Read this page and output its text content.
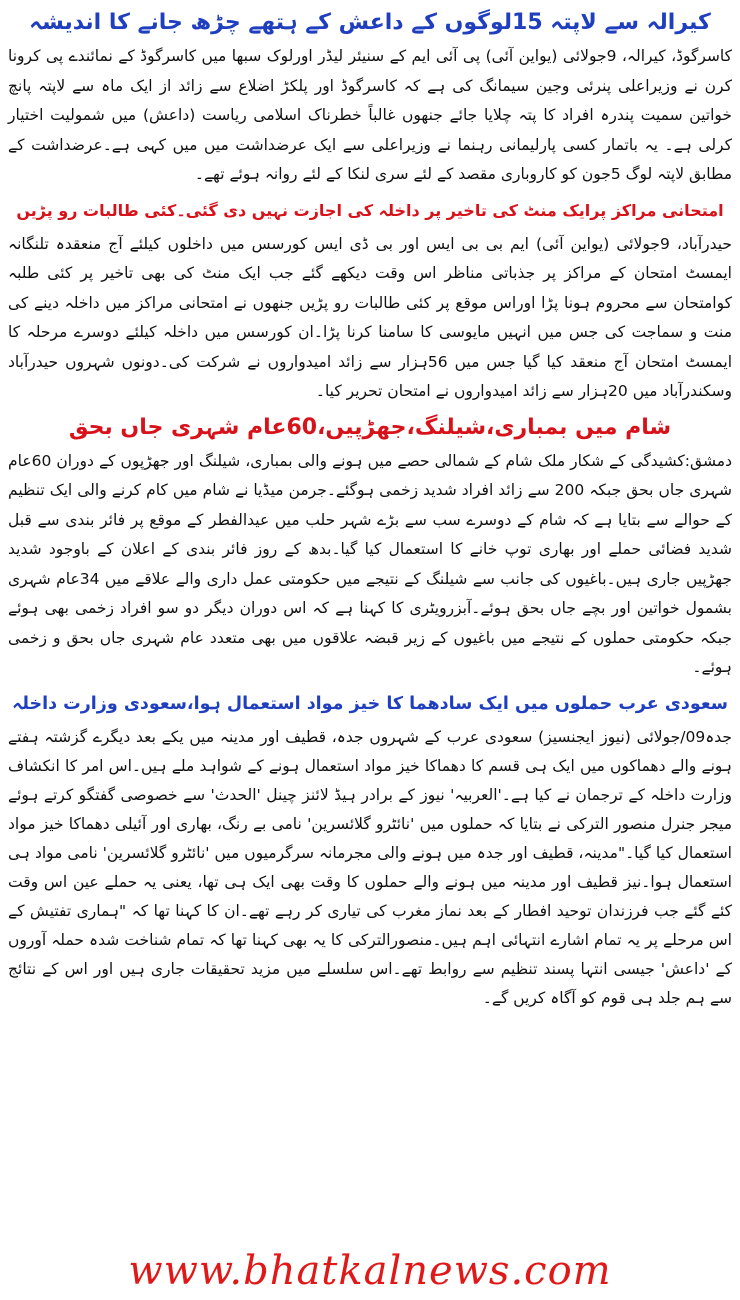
کیرالہ سے لاپتہ 15لوگوں کے داعش کے ہتھے چڑھ جانے کا اندیشہ

کاسرگوڈ، کیرالہ، 9جولائی (یواین آئی) پی آئی ایم کے سنیئر لیڈر اورلوک سبھا میں کاسرگوڈ کے نمائندے پی کرونا کرن نے وزیراعلی پنرئی وجین سیمانگ کی ہے کہ کاسرگوڈ اور پلکڑ اضلاع سے زائد از ایک ماہ سے لاپتہ پانچ خواتین سمیت پندرہ افراد کا پتہ چلایا جائے جنھوں غالباً خطرناک اسلامی ریاست (داعش) میں شمولیت اختیار کرلی ہے۔ یہ باتمار کسی پارلیمانی رہنما نے وزیراعلی سے ایک عرضداشت میں میں کہی ہے۔عرضداشت کے مطابق لاپتہ لوگ 5جون کو کاروباری مقصد کے لئے سری لنکا کے لئے روانہ ہوئے تھے۔

امتحانی مراکز پرایک منٹ کی تاخیر پر داخلہ کی اجازت نہیں دی گئی۔کئی طالبات رو پڑیں

حیدرآباد، 9جولائی (یواین آئی) ایم بی بی ایس اور بی ڈی ایس کورسس میں داخلوں کیلئے آج منعقدہ تلنگانہ ایمسٹ امتحان کے مراکز پر جذباتی مناظر اس وقت دیکھے گئے جب ایک منٹ کی بھی تاخیر پر کئی طلبہ کوامتحان سے محروم ہونا پڑا اوراس موقع پر کئی طالبات رو پڑیں جنھوں نے امتحانی مراکز میں داخلہ دینے کی منت و سماجت کی جس میں انہیں مایوسی کا سامنا کرنا پڑا۔ان کورسس میں داخلہ کیلئے دوسرے مرحلہ کا ایمسٹ امتحان آج منعقد کیا گیا جس میں 56ہزار سے زائد امیدواروں نے شرکت کی۔دونوں شہروں حیدرآباد وسکندرآباد میں 20ہزار سے زائد امیدواروں نے امتحان تحریر کیا۔

شام میں بمباری،شیلنگ،جھڑپیں،60عام شہری جاں بحق

دمشق:کشیدگی کے شکار ملک شام کے شمالی حصے میں ہونے والی بمباری، شیلنگ اور جھڑپوں کے دوران 60عام شہری جاں بحق جبکہ 200 سے زائد افراد شدید زخمی ہوگئے۔جرمن میڈیا نے شام میں کام کرنے والی ایک تنظیم کے حوالے سے بتایا ہے کہ شام کے دوسرے سب سے بڑے شہر حلب میں عیدالفطر کے موقع پر فائر بندی سے قبل شدید فضائی حملے اور بھاری توپ خانے کا استعمال کیا گیا۔بدھ کے روز فائر بندی کے اعلان کے باوجود شدید جھڑپیں جاری ہیں۔باغیوں کی جانب سے شیلنگ کے نتیجے میں حکومتی عمل داری والے علاقے میں 34عام شہری بشمول خواتین اور بچے جاں بحق ہوئے۔آبزرویٹری کا کہنا ہے کہ اس دوران دیگر دو سو افراد زخمی بھی ہوئے جبکہ حکومتی حملوں کے نتیجے میں باغیوں کے زیر قبضہ علاقوں میں بھی متعدد عام شہری جاں بحق و زخمی ہوئے۔

سعودی عرب حملوں میں ایک سادھما کا خیز مواد استعمال ہوا،سعودی وزارت داخلہ

جدہ09/جولائی (نیوز ایجنسیز) سعودی عرب کے شہروں جدہ، قطیف اور مدینہ میں یکے بعد دیگرے گزشتہ ہفتے ہونے والے دھماکوں میں ایک ہی قسم کا دھماکا خیز مواد استعمال ہونے کے شواہد ملے ہیں۔اس امر کا انکشاف وزارت داخلہ کے ترجمان نے کیا ہے۔'العربیہ' نیوز کے برادر ہیڈ لائنز چینل 'الحدث' سے خصوصی گفتگو کرتے ہوئے میجر جنرل منصور الترکی نے بتایا کہ حملوں میں 'نائٹرو گلائسرین' نامی بے رنگ، بھاری اور آئیلی دھماکا خیز مواد استعمال کیا گیا۔"مدینہ، قطیف اور جدہ میں ہونے والی مجرمانہ سرگرمیوں میں 'نائٹرو گلائسرین' نامی مواد ہی استعمال ہوا۔نیز قطیف اور مدینہ میں ہونے والے حملوں کا وقت بھی ایک ہی تھا، یعنی یہ حملے عین اس وقت کئے گئے جب فرزندان توحید افطار کے بعد نماز مغرب کی تیاری کر رہے تھے۔ان کا کہنا تھا کہ "ہماری تفتیش کے اس مرحلے پر یہ تمام اشارے انتہائی اہم ہیں۔منصورالترکی کا یہ بھی کہنا تھا کہ تمام شناخت شدہ حملہ آوروں کے 'داعش' جیسی انتہا پسند تنظیم سے روابط تھے۔اس سلسلے میں مزید تحقیقات جاری ہیں اور اس کے نتائج سے ہم جلد ہی قوم کو آگاہ کریں گے۔

www.bhatkalnews.com
